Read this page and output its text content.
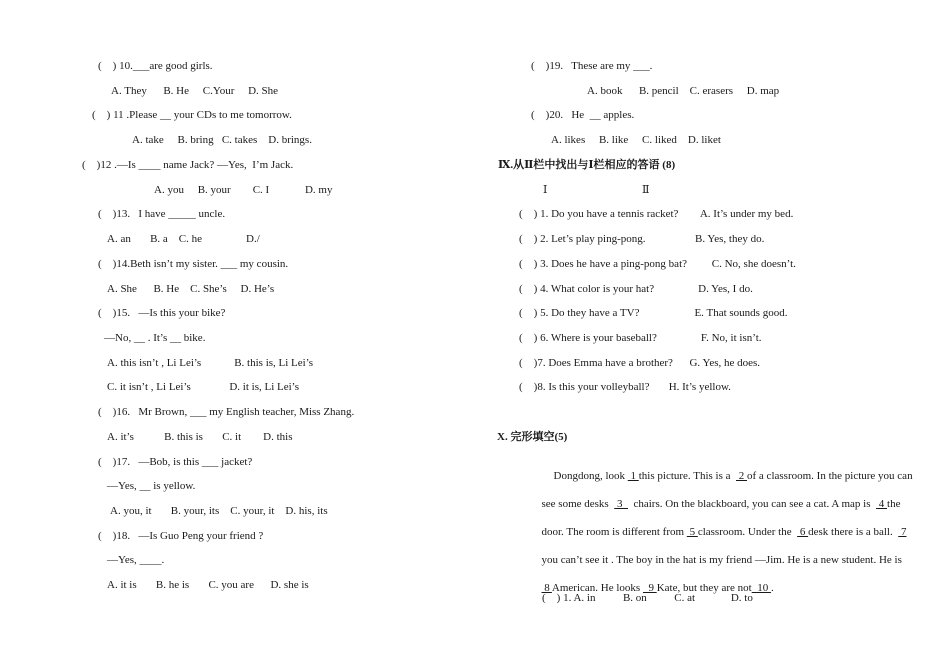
(    ) 10.___are good girls.
A. They      B. He     C.Your     D. She
(    ) 11 .Please __ your CDs to me tomorrow.
A. take     B. bring   C. takes    D. brings.
(    )12 .—Is ____ name Jack? —Yes,  I’m Jack.
A. you     B. your        C. I             D. my
(    )13.   I have _____ uncle.
A. an       B. a    C. he                D./
(    )14.Beth isn’t my sister. ___ my cousin.
A. She      B. He    C. She’s     D. He’s
(    )15.   —Is this your bike?
—No, __ . It’s __ bike.
A. this isn’t , Li Lei’s            B. this is, Li Lei’s
C. it isn’t , Li Lei’s              D. it is, Li Lei’s
(    )16.   Mr Brown, ___ my English teacher, Miss Zhang.
A. it’s           B. this is       C. it        D. this
(    )17.   —Bob, is this ___ jacket?
—Yes, __ is yellow.
A. you, it       B. your, its    C. your, it    D. his, its
(    )18.   —Is Guo Peng your friend ?
—Yes, ____.
A. it is       B. he is       C. you are      D. she is
(    )19.   These are my ___.
A. book      B. pencil    C. erasers     D. map
(    )20.   He  __ apples.
A. likes     B. like     C. liked    D. liket
Ⅸ.从Ⅱ栏中找出与Ⅰ栏相应的答语 (8)
Ⅰ	Ⅱ
(    ) 1. Do you have a tennis racket?        A. It’s under my bed.
(    ) 2. Let’s play ping-pong.                  B. Yes, they do.
(    ) 3. Does he have a ping-pong bat?         C. No, she doesn’t.
(    ) 4. What color is your hat?                D. Yes, I do.
(    ) 5. Do they have a TV?                    E. That sounds good.
(    ) 6. Where is your baseball?                F. No, it isn’t.
(    )7. Does Emma have a brother?      G. Yes, he does.
(    )8. Is this your volleyball?       H. It’s yellow.
X. 完形填空(5)

Dongdong, look  1 this picture. This is a   2 of a classroom. In the picture you can

see some desks   3    chairs. On the blackboard, you can see a cat. A map is   4 the

door. The room is different from  5 classroom. Under the   6 desk there is a ball.   7

you can’t see it . The boy in the hat is my friend —Jim. He is a new student. He is

8 American. He looks   9 Kate, but they are not  10 .

(    ) 1. A. in          B. on          C. at             D. to
